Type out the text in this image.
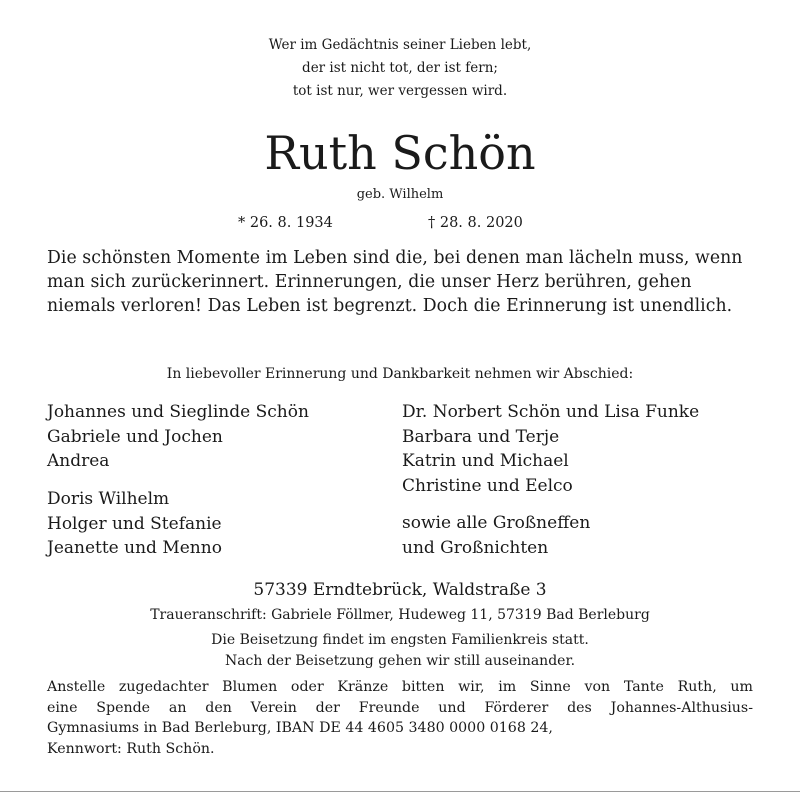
Wer im Gedächtnis seiner Lieben lebt,
der ist nicht tot, der ist fern;
tot ist nur, wer vergessen wird.
Ruth Schön
geb. Wilhelm
* 26. 8. 1934	† 28. 8. 2020
Die schönsten Momente im Leben sind die, bei denen man lächeln muss, wenn man sich zurückerinnert. Erinnerungen, die unser Herz berühren, gehen niemals verloren! Das Leben ist begrenzt. Doch die Erinnerung ist unendlich.
In liebevoller Erinnerung und Dankbarkeit nehmen wir Abschied:
Johannes und Sieglinde Schön
Gabriele und Jochen
Andrea
Doris Wilhelm
Holger und Stefanie
Jeanette und Menno
Dr. Norbert Schön und Lisa Funke
Barbara und Terje
Katrin und Michael
Christine und Eelco
sowie alle Großneffen
und Großnichten
57339 Erndtebrück, Waldstraße 3
Traueranschrift: Gabriele Föllmer, Hudeweg 11, 57319 Bad Berleburg
Die Beisetzung findet im engsten Familienkreis statt.
Nach der Beisetzung gehen wir still auseinander.
Anstelle zugedachter Blumen oder Kränze bitten wir, im Sinne von Tante Ruth, um
eine Spende an den Verein der Freunde und Förderer des Johannes-Althusius-
Gymnasiums in Bad Berleburg, IBAN DE 44 4605 3480 0000 0168 24,
Kennwort: Ruth Schön.
